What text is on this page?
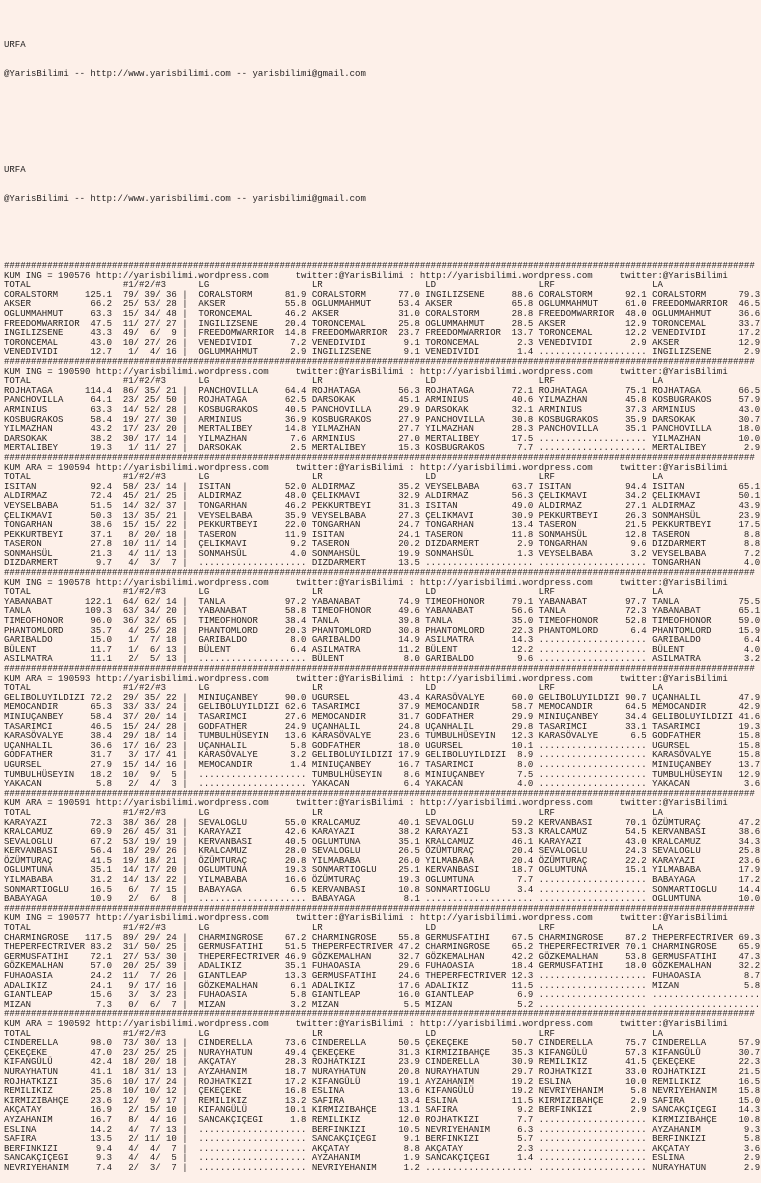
URFA

@YarisBilimi -- http://www.yarisbilimi.com -- yarisbilimi@gmail.com

URFA

@YarisBilimi -- http://www.yarisbilimi.com -- yarisbilimi@gmail.com

###########################################################################################################################################
KUM ING = 190576 http://yarisbilimi.wordpress.com     twitter:@YarisBilimi : http://yarisbilimi.wordpress.com     twitter:@YarisBilimi
TOTAL                 #1/#2/#3      LG                   LR                   LD                   LRF                  LA
CORALSTORM     125.1  79/ 39/ 36 |  CORALSTORM      81.9 CORALSTORM      77.0 INGILIZSENE     88.6 CORALSTORM      92.1 CORALSTORM      79.3
AKSER           66.2  25/ 53/ 28 |  AKSER           55.8 OGLUMMAHMUT     53.4 AKSER           65.8 OGLUMMAHMUT     61.0 FREEDOMWARRIOR  46.5
OGLUMMAHMUT     63.3  15/ 34/ 48 |  TORONCEMAL      46.2 AKSER           31.0 CORALSTORM      28.8 FREEDOMWARRIOR  48.0 OGLUMMAHMUT     36.6
FREEDOMWARRIOR  47.5  11/ 27/ 27 |  INGILIZSENE     20.4 TORONCEMAL      25.8 OGLUMMAHMUT     28.5 AKSER           12.9 TORONCEMAL      33.7
INGILIZSENE     43.3  49/  6/  9 |  FREEDOMWARRIOR  14.8 FREEDOMWARRIOR  23.7 FREEDOMWARRIOR  13.7 TORONCEMAL      12.2 VENEDIVIDI      17.2
TORONCEMAL      43.0  10/ 27/ 26 |  VENEDIVIDI       7.2 VENEDIVIDI       9.1 TORONCEMAL       2.3 VENEDIVIDI       2.9 AKSER           12.9
VENEDIVIDI      12.7   1/  4/ 16 |  OGLUMMAHMUT      2.9 INGILIZSENE      9.1 VENEDIVIDI       1.4 .................... INGILIZSENE      2.9
###########################################################################################################################################
KUM ING = 190590 http://yarisbilimi.wordpress.com     twitter:@YarisBilimi : http://yarisbilimi.wordpress.com     twitter:@YarisBilimi
TOTAL                 #1/#2/#3      LG                   LR                   LD                   LRF                  LA
ROJHATAGA      114.4  86/ 35/ 21 |  PANCHOVILLA     64.4 ROJHATAGA       56.3 ROJHATAGA       72.1 ROJHATAGA       75.1 ROJHATAGA       66.5
PANCHOVILLA     64.1  23/ 25/ 50 |  ROJHATAGA       62.5 DARSOKAK        45.1 ARMINIUS        40.6 YILMAZHAN       45.8 KOSBUGRAKOS     57.9
ARMINIUS        63.3  14/ 52/ 28 |  KOSBUGRAKOS     40.5 PANCHOVILLA     29.9 DARSOKAK        32.1 ARMINIUS        37.3 ARMINIUS        43.0
KOSBUGRAKOS     58.4  19/ 27/ 30 |  ARMINIUS        36.9 KOSBUGRAKOS     27.9 PANCHOVILLA     30.8 KOSBUGRAKOS     35.9 DARSOKAK        30.7
YILMAZHAN       43.2  17/ 23/ 20 |  MERTALIBEY      14.8 YILMAZHAN       27.7 YILMAZHAN       28.3 PANCHOVILLA     35.1 PANCHOVILLA     18.0
DARSOKAK        38.2  30/ 17/ 14 |  YILMAZHAN        7.6 ARMINIUS        27.0 MERTALIBEY      17.5 .................... YILMAZHAN       10.0
MERTALIBEY      19.3   1/ 11/ 27 |  DARSOKAK         2.5 MERTALIBEY      15.3 KOSBUGRAKOS      7.7 .................... MERTALIBEY       2.9
###########################################################################################################################################
KUM ARA = 190594 http://yarisbilimi.wordpress.com     twitter:@YarisBilimi : http://yarisbilimi.wordpress.com     twitter:@YarisBilimi
TOTAL                 #1/#2/#3      LG                   LR                   LD                   LRF                  LA
ISITAN          92.4  58/ 23/ 14 |  ISITAN          52.0 ALDIRMAZ        35.2 VEYSELBABA      63.7 ISITAN          94.4 ISITAN          65.1
ALDIRMAZ        72.4  45/ 21/ 25 |  ALDIRMAZ        48.0 ÇELIKMAVI       32.9 ALDIRMAZ        56.3 ÇELIKMAVI       34.2 ÇELIKMAVI       50.1
VEYSELBABA      51.5  14/ 32/ 37 |  TONGARHAN       46.2 PEKKURTBEYI     31.3 ISITAN          49.0 ALDIRMAZ        27.1 ALDIRMAZ        43.9
ÇELIKMAVI       50.3  13/ 35/ 21 |  VEYSELBABA      35.9 VEYSELBABA      27.3 ÇELIKMAVI       30.9 PEKKURTBEYI     26.3 SONMAHSÜL       23.9
TONGARHAN       38.6  15/ 15/ 22 |  PEKKURTBEYI     22.0 TONGARHAN       24.7 TONGARHAN       13.4 TASERON         21.5 PEKKURTBEYI     17.5
PEKKURTBEYI     37.1   8/ 20/ 18 |  TASERON         11.9 ISITAN          24.1 TASERON         11.8 SONMAHSÜL       12.8 TASERON          8.8
TASERON         27.8  10/ 11/ 14 |  ÇELIKMAVI        9.2 TASERON         20.2 DIZDARMERT       2.9 TONGARHAN        9.6 DIZDARMERT       8.8
SONMAHSÜL       21.3   4/ 11/ 13 |  SONMAHSÜL        4.0 SONMAHSÜL       19.9 SONMAHSÜL        1.3 VEYSELBABA       3.2 VEYSELBABA       7.2
DIZDARMERT       9.7   4/  3/  7 |  .................... DIZDARMERT      13.5 .................... .................... TONGARHAN        4.0
###########################################################################################################################################
KUM ING = 190578 http://yarisbilimi.wordpress.com     twitter:@YarisBilimi : http://yarisbilimi.wordpress.com     twitter:@YarisBilimi
TOTAL                 #1/#2/#3      LG                   LR                   LD                   LRF                  LA
YABANABAT      122.1  64/ 62/ 14 |  TANLA           97.2 YABANABAT       74.9 TIMEOFHONOR     79.1 YABANABAT       97.7 TANLA           75.5
TANLA          109.3  63/ 34/ 20 |  YABANABAT       58.8 TIMEOFHONOR     49.6 YABANABAT       56.6 TANLA           72.3 YABANABAT       65.1
TIMEOFHONOR     96.0  36/ 32/ 65 |  TIMEOFHONOR     38.4 TANLA           39.8 TANLA           35.0 TIMEOFHONOR     52.8 TIMEOFHONOR     59.0
PHANTOMLORD     35.7   4/ 25/ 28 |  PHANTOMLORD     20.3 PHANTOMLORD     30.8 PHANTOMLORD     22.3 PHANTOMLORD      6.4 PHANTOMLORD     15.9
GARIBALDO       15.0   1/  7/ 18 |  GARIBALDO        8.0 GARIBALDO       14.9 ASILMATRA       14.3 .................... GARIBALDO        6.4
BÜLENT          11.7   1/  6/ 13 |  BÜLENT           6.4 ASILMATRA       11.2 BÜLENT          12.2 .................... BÜLENT           4.0
ASILMATRA       11.1   2/  5/ 13 |  .................... BÜLENT           8.0 GARIBALDO        9.6 .................... ASILMATRA        3.2
###########################################################################################################################################
KUM ARA = 190593 http://yarisbilimi.wordpress.com     twitter:@YarisBilimi : http://yarisbilimi.wordpress.com     twitter:@YarisBilimi
TOTAL                 #1/#2/#3      LG                   LR                   LD                   LRF                  LA
GELIBOLUYILDIZI 72.2  29/ 35/ 22 |  MINIUÇANBEY     90.0 UGURSEL         43.4 KARASÖVALYE     60.0 GELIBOLUYILDIZI 90.7 UÇANHALIL       47.9
MEMOCANDIR      65.3  33/ 33/ 24 |  GELIBOLUYILDIZI 62.6 TASARIMCI       37.9 MEMOCANDIR      58.7 MEMOCANDIR      64.5 MEMOCANDIR      42.9
MINIUÇANBEY     58.4  37/ 20/ 14 |  TASARIMCI       27.6 MEMOCANDIR      31.7 GODFATHER       29.9 MINIUÇANBEY     34.4 GELIBOLUYILDIZI 41.6
TASARIMCI       46.5  15/ 24/ 28 |  GODFATHER       24.9 UÇANHALIL       24.8 UÇANHALIL       29.8 TASARIMCI       33.1 TASARIMCI       19.3
KARASÖVALYE     38.4  29/ 18/ 14 |  TUMBULHÜSEYIN   13.6 KARASÖVALYE     23.6 TUMBULHÜSEYIN   12.3 KARASÖVALYE      6.5 GODFATHER       15.8
UÇANHALIL       36.6  17/ 16/ 23 |  UÇANHALIL        5.8 GODFATHER       18.0 UGURSEL         10.1 .................... UGURSEL         15.8
GODFATHER       31.7   3/ 17/ 41 |  KARASÖVALYE      3.2 GELIBOLUYILDIZI 17.9 GELIBOLUYILDIZI  8.9 .................... KARASÖVALYE     15.8
UGURSEL         27.9  15/ 14/ 16 |  MEMOCANDIR       1.4 MINIUÇANBEY     16.7 TASARIMCI        8.0 .................... MINIUÇANBEY     13.7
TUMBULHÜSEYIN   18.2  10/  9/  5 |  .................... TUMBULHÜSEYIN    8.6 MINIUÇANBEY      7.5 .................... TUMBULHÜSEYIN   12.9
YAKACAN          5.8   2/  4/  3 |  .................... YAKACAN          6.4 YAKACAN          4.0 .................... YAKACAN          3.6
###########################################################################################################################################
KUM ARA = 190591 http://yarisbilimi.wordpress.com     twitter:@YarisBilimi : http://yarisbilimi.wordpress.com     twitter:@YarisBilimi
TOTAL                 #1/#2/#3      LG                   LR                   LD                   LRF                  LA
KARAYAZI        72.3  38/ 36/ 28 |  SEVALOGLU       55.0 KRALCAMUZ       40.1 SEVALOGLU       59.2 KERVANBASI      70.1 ÖZÜMTURAÇ       47.2
KRALCAMUZ       69.9  26/ 45/ 31 |  KARAYAZI        42.6 KARAYAZI        38.2 KARAYAZI        53.3 KRALCAMUZ       54.5 KERVANBASI      38.6
SEVALOGLU       67.2  53/ 19/ 19 |  KERVANBASI      40.5 OGLUMTUNA       35.1 KRALCAMUZ       46.1 KARAYAZI        43.0 KRALCAMUZ       34.3
KERVANBASI      56.4  18/ 29/ 26 |  KRALCAMUZ       28.0 SEVALOGLU       26.5 ÖZÜMTURAÇ       20.4 SEVALOGLU       24.3 SEVALOGLU       25.8
ÖZÜMTURAÇ       41.5  19/ 18/ 21 |  ÖZÜMTURAÇ       20.8 YILMABABA       26.0 YILMABABA       20.4 ÖZÜMTURAÇ       22.2 KARAYAZI        23.6
OGLUMTUNA       35.1  14/ 17/ 20 |  OGLUMTUNA       19.3 SONMARTIOGLU    25.1 KERVANBASI      18.7 OGLUMTUNA       15.1 YILMABABA       17.9
YILMABABA       31.2  14/ 13/ 22 |  YILMABABA       16.6 ÖZÜMTURAÇ       19.3 OGLUMTUNA        7.7 .................... BABAYAGA        17.2
SONMARTIOGLU    16.5   6/  7/ 15 |  BABAYAGA         6.5 KERVANBASI      10.8 SONMARTIOGLU     3.4 .................... SONMARTIOGLU    14.4
BABAYAGA        10.9   2/  6/  8 |  .................... BABAYAGA         8.1 .................... .................... OGLUMTUNA       10.0
###########################################################################################################################################
KUM ING = 190577 http://yarisbilimi.wordpress.com     twitter:@YarisBilimi : http://yarisbilimi.wordpress.com     twitter:@YarisBilimi
TOTAL                 #1/#2/#3      LG                   LR                   LD                   LRF                  LA
CHARMINGROSE   117.5  89/ 29/ 24 |  CHARMINGROSE    67.2 CHARMINGROSE    55.8 GERMUSFATIHI    67.5 CHARMINGROSE    87.2 THEPERFECTRIVER 69.3
THEPERFECTRIVER 83.2  31/ 50/ 25 |  GERMUSFATIHI    51.5 THEPERFECTRIVER 47.2 CHARMINGROSE    65.2 THEPERFECTRIVER 70.1 CHARMINGROSE    65.9
GERMUSFATIHI    72.1  27/ 53/ 30 |  THEPERFECTRIVER 46.9 GÖZKEMALHAN     32.7 GÖZKEMALHAN     42.2 GÖZKEMALHAN     53.8 GERMUSFATIHI    47.3
GÖZKEMALHAN     57.0  20/ 25/ 39 |  ADALIKIZ        35.1 FUHAOASIA       29.6 FUHAOASIA       18.4 GERMUSFATIHI    18.0 GÖZKEMALHAN     32.2
FUHAOASIA       24.2  11/  7/ 26 |  GIANTLEAP       13.3 GERMUSFATIHI    24.6 THEPERFECTRIVER 12.3 .................... FUHAOASIA        8.7
ADALIKIZ        24.1   9/ 17/ 16 |  GÖZKEMALHAN      6.1 ADALIKIZ        17.6 ADALIKIZ        11.5 .................... MIZAN            5.8
GIANTLEAP       15.6   3/  3/ 23 |  FUHAOASIA        5.8 GIANTLEAP       16.0 GIANTLEAP        6.9 .................... ....................
MIZAN            7.3   0/  6/  7 |  MIZAN            3.2 MIZAN            5.5 MIZAN            5.2 .................... ....................
###########################################################################################################################################
KUM ARA = 190592 http://yarisbilimi.wordpress.com     twitter:@YarisBilimi : http://yarisbilimi.wordpress.com     twitter:@YarisBilimi
TOTAL                 #1/#2/#3      LG                   LR                   LD                   LRF                  LA
CINDERELLA      98.0  73/ 30/ 13 |  CINDERELLA      73.6 CINDERELLA      50.5 ÇEKEÇEKE        50.7 CINDERELLA      75.7 CINDERELLA      57.9
ÇEKEÇEKE        47.0  23/ 25/ 25 |  NURAYHATUN      49.4 ÇEKEÇEKE        31.3 KIRMIZIBAHÇE    35.3 KIFANGÜLÜ       57.3 KIFANGÜLÜ       30.7
KIFANGÜLÜ       42.4  18/ 20/ 18 |  AKÇATAY         28.3 ROJHATKIZI      23.9 CINDERELLA      30.9 REMILIKIZ       41.5 ÇEKEÇEKE        22.3
NURAYHATUN      41.1  18/ 31/ 13 |  AYZAHANIM       18.7 NURAYHATUN      20.8 NURAYHATUN      29.7 ROJHATKIZI      33.0 ROJHATKIZI      21.5
ROJHATKIZI      35.6  10/ 17/ 24 |  ROJHATKIZI      17.2 KIFANGÜLÜ       19.1 AYZAHANIM       19.2 ESLINA          10.0 REMILIKIZ       16.5
REMILIKIZ       25.8  10/ 10/ 12 |  ÇEKEÇEKE        16.8 ESLINA          13.6 KIFANGÜLÜ       19.2 NEVRIYEHANIM     5.8 NEVRIYEHANIM    15.8
KIRMIZIBAHÇE    23.6  12/  9/ 17 |  REMILIKIZ       13.2 SAFIRA          13.4 ESLINA          11.5 KIRMIZIBAHÇE     2.9 SAFIRA          15.0
AKÇATAY         16.9   2/ 15/ 10 |  KIFANGÜLÜ       10.1 KIRMIZIBAHÇE    13.1 SAFIRA           9.2 BERFINKIZI       2.9 SANCAKÇIÇEGI    14.3
AYZAHANIM       16.7   8/  4/ 16 |  SANCAKÇIÇEGI     1.8 REMILIKIZ       12.0 ROJHATKIZI       7.7 .................... KIRMIZIBAHÇE    10.8
ESLINA          14.2   4/  7/ 13 |  .................... BERFINKIZI      10.5 NEVRIYEHANIM     6.3 .................... AYZAHANIM        9.3
SAFIRA          13.5   2/ 11/ 10 |  .................... SANCAKÇIÇEGI     9.1 BERFINKIZI       5.7 .................... BERFINKIZI       5.8
BERFINKIZI       9.4   4/  4/  7 |  .................... AKÇATAY          8.8 AKÇATAY          2.3 .................... AKÇATAY          3.6
SANCAKÇIÇEGI     9.3   4/  4/  5 |  .................... AYZAHANIM        1.9 SANCAKÇIÇEGI     1.4 .................... ESLINA           2.9
NEVRIYEHANIM     7.4   2/  3/  7 |  .................... NEVRIYEHANIM     1.2 .................... .................... NURAYHATUN       2.9
